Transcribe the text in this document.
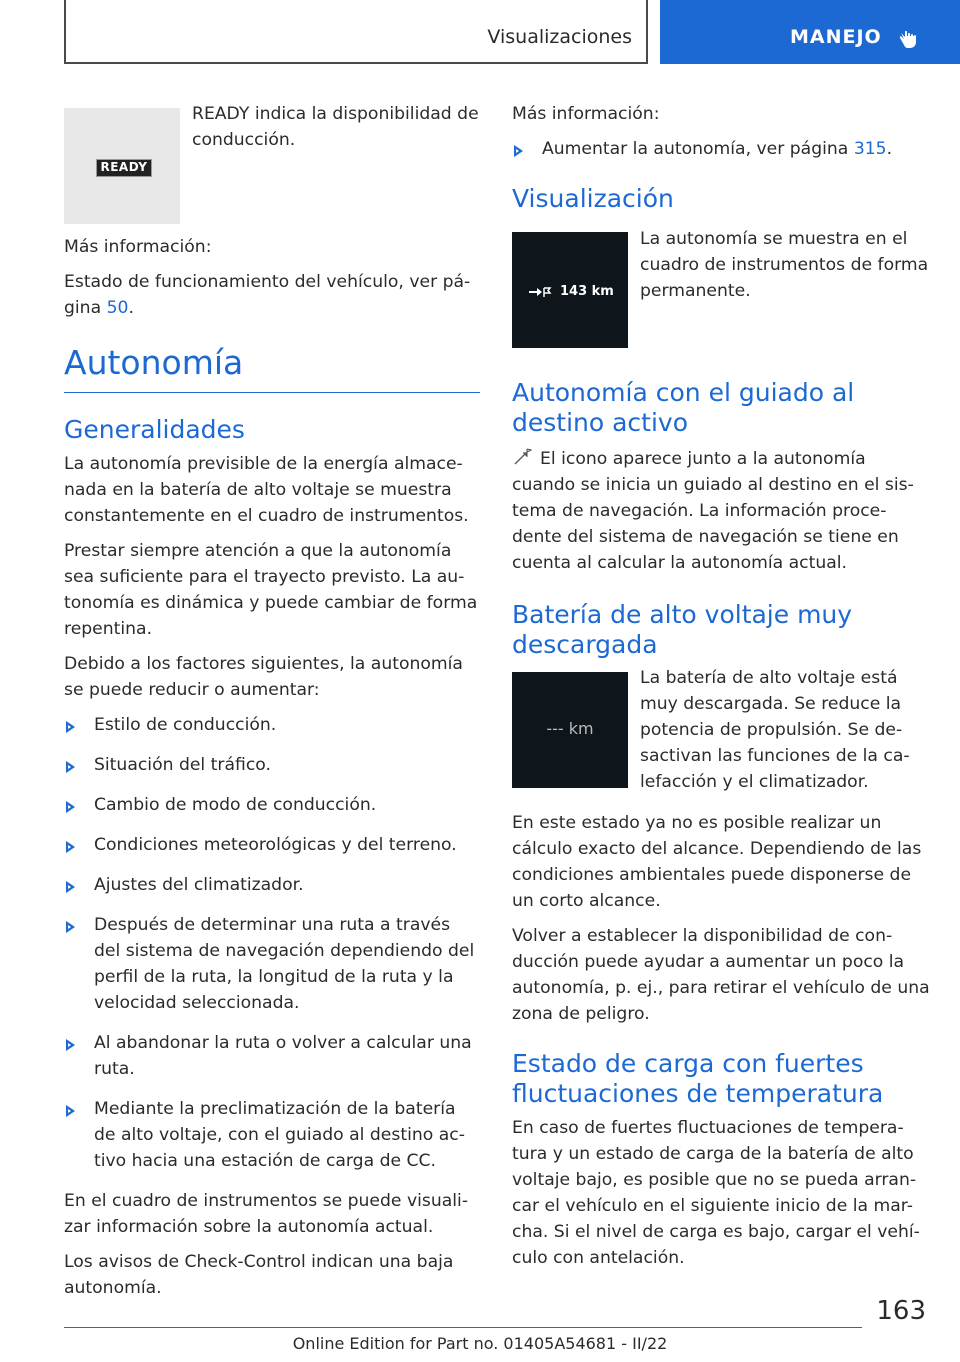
Visualizaciones	MANEJO
READY

READY indica la disponibilidad de conducción.

Más información:

Estado de funcionamiento del vehículo, ver pá-gina 50.

Autonomía
Generalidades

La autonomía previsible de la energía almace-nada en la batería de alto voltaje se muestra constantemente en el cuadro de instrumentos.

Prestar siempre atención a que la autonomía sea suficiente para el trayecto previsto. La au-tonomía es dinámica y puede cambiar de forma repentina.

Debido a los factores siguientes, la autonomía se puede reducir o aumentar:

Estilo de conducción.
Situación del tráfico.
Cambio de modo de conducción.
Condiciones meteorológicas y del terreno.
Ajustes del climatizador.
Después de determinar una ruta a través del sistema de navegación dependiendo del perfil de la ruta, la longitud de la ruta y la velocidad seleccionada.
Al abandonar la ruta o volver a calcular una ruta.
Mediante la preclimatización de la batería de alto voltaje, con el guiado al destino ac-tivo hacia una estación de carga de CC.

En el cuadro de instrumentos se puede visuali-zar información sobre la autonomía actual.

Los avisos de Check-Control indican una baja autonomía.

Más información:

Aumentar la autonomía, ver página 315.
Visualización
143 km

La autonomía se muestra en el cuadro de instrumentos de forma permanente.

Autonomía con el guiado al destino activo

El icono aparece junto a la autonomía cuando se inicia un guiado al destino en el sis-tema de navegación. La información proce-dente del sistema de navegación se tiene en cuenta al calcular la autonomía actual.

Batería de alto voltaje muy descargada
--- km

La batería de alto voltaje está muy descargada. Se reduce la potencia de propulsión. Se de-sactivan las funciones de la ca-lefacción y el climatizador.

En este estado ya no es posible realizar un cálculo exacto del alcance. Dependiendo de las condiciones ambientales puede disponerse de un corto alcance.

Volver a establecer la disponibilidad de con-ducción puede ayudar a aumentar un poco la autonomía, p. ej., para retirar el vehículo de una zona de peligro.

Estado de carga con fuertes fluctuaciones de temperatura

En caso de fuertes fluctuaciones de tempera-tura y un estado de carga de la batería de alto voltaje bajo, es posible que no se pueda arran-car el vehículo en el siguiente inicio de la mar-cha. Si el nivel de carga es bajo, cargar el vehí-culo con antelación.

163
Online Edition for Part no. 01405A54681 - II/22
